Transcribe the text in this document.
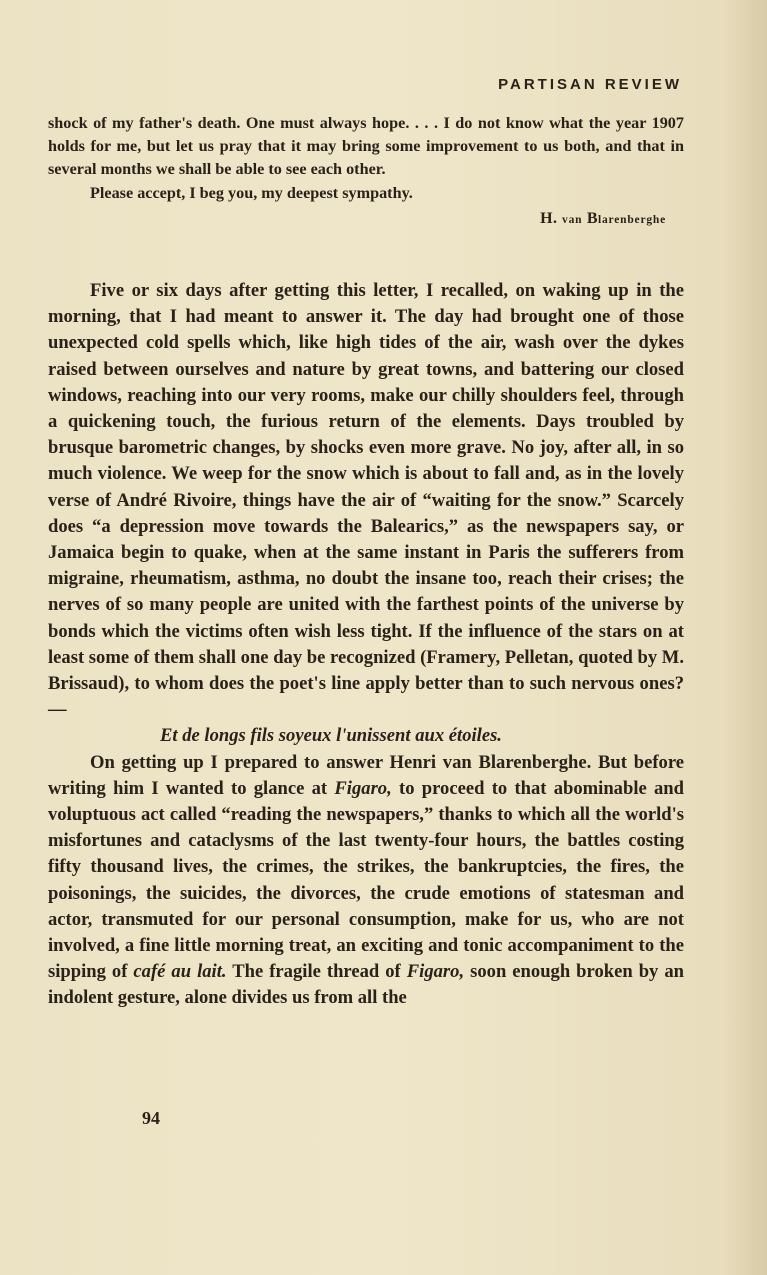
PARTISAN REVIEW

shock of my father's death. One must always hope. . . . I do not know what the year 1907 holds for me, but let us pray that it may bring some improvement to us both, and that in several months we shall be able to see each other.

Please accept, I beg you, my deepest sympathy.

H. van Blarenberghe

Five or six days after getting this letter, I recalled, on waking up in the morning, that I had meant to answer it. The day had brought one of those unexpected cold spells which, like high tides of the air, wash over the dykes raised between ourselves and nature by great towns, and battering our closed windows, reaching into our very rooms, make our chilly shoulders feel, through a quickening touch, the furious return of the elements. Days troubled by brusque barometric changes, by shocks even more grave. No joy, after all, in so much violence. We weep for the snow which is about to fall and, as in the lovely verse of André Rivoire, things have the air of “waiting for the snow.” Scarcely does “a depression move towards the Balearics,” as the newspapers say, or Jamaica begin to quake, when at the same instant in Paris the sufferers from migraine, rheumatism, asthma, no doubt the insane too, reach their crises; the nerves of so many people are united with the farthest points of the universe by bonds which the victims often wish less tight. If the influence of the stars on at least some of them shall one day be recognized (Framery, Pelletan, quoted by M. Brissaud), to whom does the poet's line apply better than to such nervous ones?—

Et de longs fils soyeux l'unissent aux étoiles.

On getting up I prepared to answer Henri van Blarenberghe. But before writing him I wanted to glance at Figaro, to proceed to that abominable and voluptuous act called “reading the newspapers,” thanks to which all the world's misfortunes and cataclysms of the last twenty-four hours, the battles costing fifty thousand lives, the crimes, the strikes, the bankruptcies, the fires, the poisonings, the suicides, the divorces, the crude emotions of statesman and actor, transmuted for our personal consumption, make for us, who are not involved, a fine little morning treat, an exciting and tonic accompaniment to the sipping of café au lait. The fragile thread of Figaro, soon enough broken by an indolent gesture, alone divides us from all the

94
